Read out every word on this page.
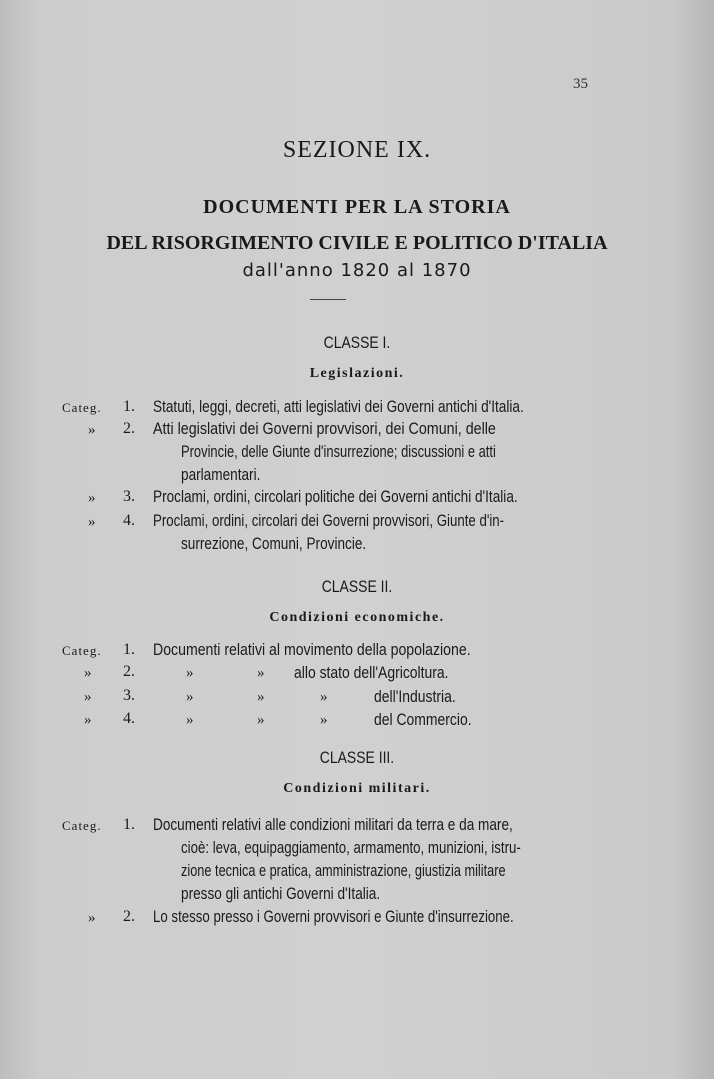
35
SEZIONE IX.
DOCUMENTI PER LA STORIA
DEL RISORGIMENTO CIVILE E POLITICO D'ITALIA
dall'anno 1820 al 1870
CLASSE I.
Legislazioni.
Categ. 1. Statuti, leggi, decreti, atti legislativi dei Governi antichi d'Italia.
» 2. Atti legislativi dei Governi provvisori, dei Comuni, delle
Provincie, delle Giunte d'insurrezione; discussioni e atti
parlamentari.
» 3. Proclami, ordini, circolari politiche dei Governi antichi d'Italia.
» 4. Proclami, ordini, circolari dei Governi provvisori, Giunte d'in-
surrezione, Comuni, Provincie.
CLASSE II.
Condizioni economiche.
Categ. 1. Documenti relativi al movimento della popolazione.
» 2.	»	» allo stato dell'Agricoltura.
» 3.	»	»	»	dell'Industria.
» 4.	»	»	»	del Commercio.
CLASSE III.
Condizioni militari.
Categ. 1. Documenti relativi alle condizioni militari da terra e da mare,
cioè: leva, equipaggiamento, armamento, munizioni, istru-
zione tecnica e pratica, amministrazione, giustizia militare
presso gli antichi Governi d'Italia.
» 2. Lo stesso presso i Governi provvisori e Giunte d'insurrezione.
